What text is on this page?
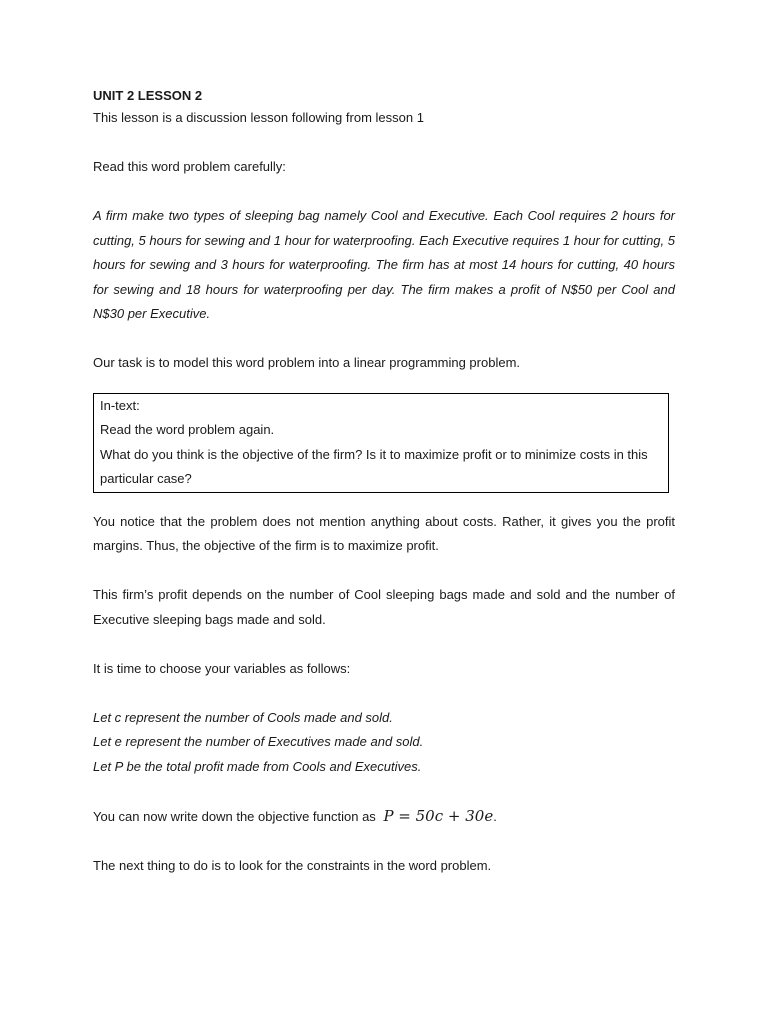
UNIT 2 LESSON 2

This lesson is a discussion lesson following from lesson 1

Read this word problem carefully:

A firm make two types of sleeping bag namely Cool and Executive. Each Cool requires 2 hours for cutting, 5 hours for sewing and 1 hour for waterproofing. Each Executive requires 1 hour for cutting, 5 hours for sewing and 3 hours for waterproofing. The firm has at most 14 hours for cutting, 40 hours for sewing and 18 hours for waterproofing per day. The firm makes a profit of N$50 per Cool and N$30 per Executive.

Our task is to model this word problem into a linear programming problem.

In-text:

Read the word problem again.

What do you think is the objective of the firm? Is it to maximize profit or to minimize costs in this particular case?

You notice that the problem does not mention anything about costs. Rather, it gives you the profit margins. Thus, the objective of the firm is to maximize profit.

This firm’s profit depends on the number of Cool sleeping bags made and sold and the number of Executive sleeping bags made and sold.

It is time to choose your variables as follows:

Let c represent the number of Cools made and sold.

Let e represent the number of Executives made and sold.

Let P be the total profit made from Cools and Executives.

You can now write down the objective function as P = 50c + 30e.

The next thing to do is to look for the constraints in the word problem.
